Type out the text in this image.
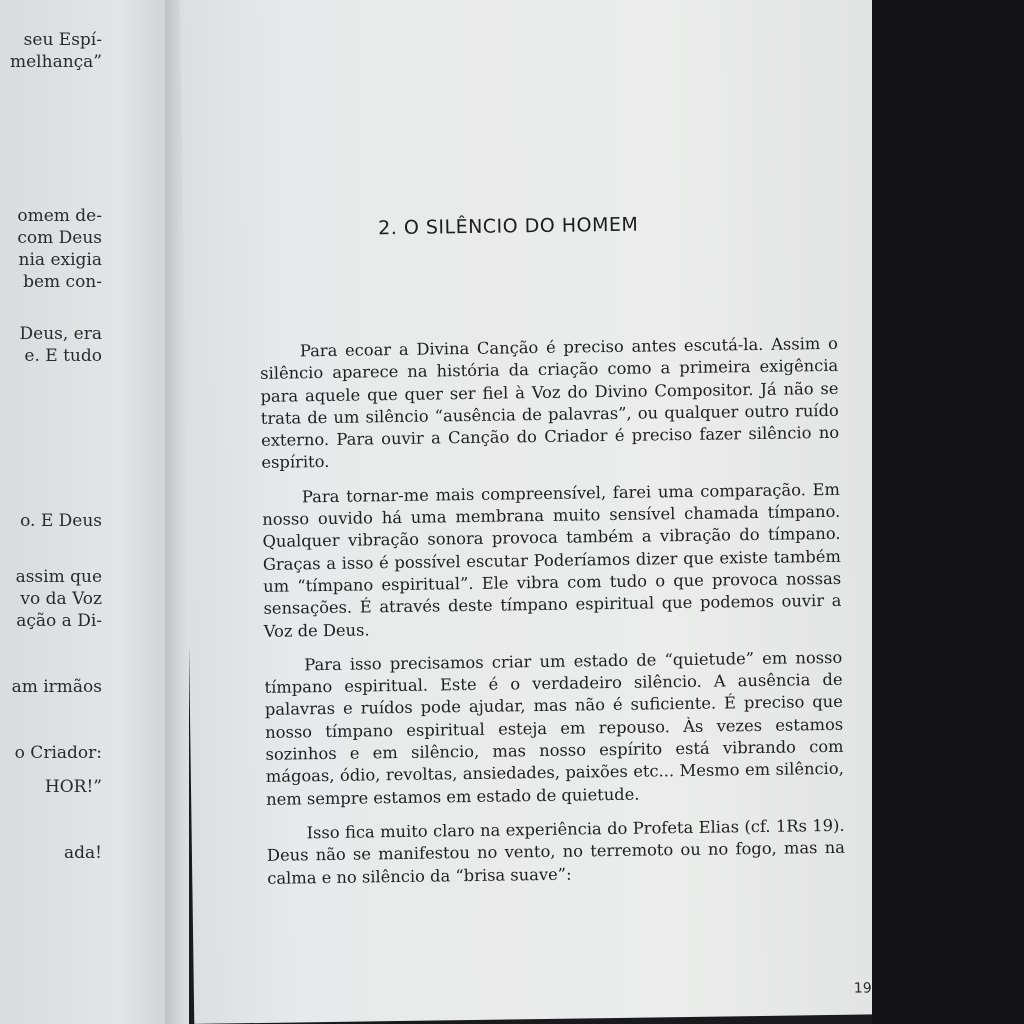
seu Espí-
melhança”
omem de-
com Deus
nia exigia
bem con-
Deus, era
e. E tudo
o. E Deus
assim que
vo da Voz
ação a Di-
am irmãos
o Criador:
HOR!”
ada!
2. O SILÊNCIO DO HOMEM

Para ecoar a Divina Canção é preciso antes escutá-la. Assim o silêncio aparece na história da criação como a primeira exigência para aquele que quer ser fiel à Voz do Divino Compositor. Já não se trata de um silêncio “ausência de palavras”, ou qualquer outro ruído externo. Para ouvir a Canção do Criador é preciso fazer silêncio no espírito.

Para tornar-me mais compreensível, farei uma comparação. Em nosso ouvido há uma membrana muito sensível chamada tímpano. Qualquer vibração sonora provoca também a vibração do tímpano. Graças a isso é possível escutar Poderíamos dizer que existe também um “tímpano espiritual”. Ele vibra com tudo o que provoca nossas sensações. É através deste tímpano espiritual que podemos ouvir a Voz de Deus.

Para isso precisamos criar um estado de “quietude” em nosso tímpano espiritual. Este é o verdadeiro silêncio. A ausência de palavras e ruídos pode ajudar, mas não é suficiente. É preciso que nosso tímpano espiritual esteja em repouso. Às vezes estamos sozinhos e em silêncio, mas nosso espírito está vibrando com mágoas, ódio, revoltas, ansiedades, paixões etc... Mesmo em silêncio, nem sempre estamos em estado de quietude.

Isso fica muito claro na experiência do Profeta Elias (cf. 1Rs 19). Deus não se manifestou no vento, no terremoto ou no fogo, mas na calma e no silêncio da “brisa suave”:

19
